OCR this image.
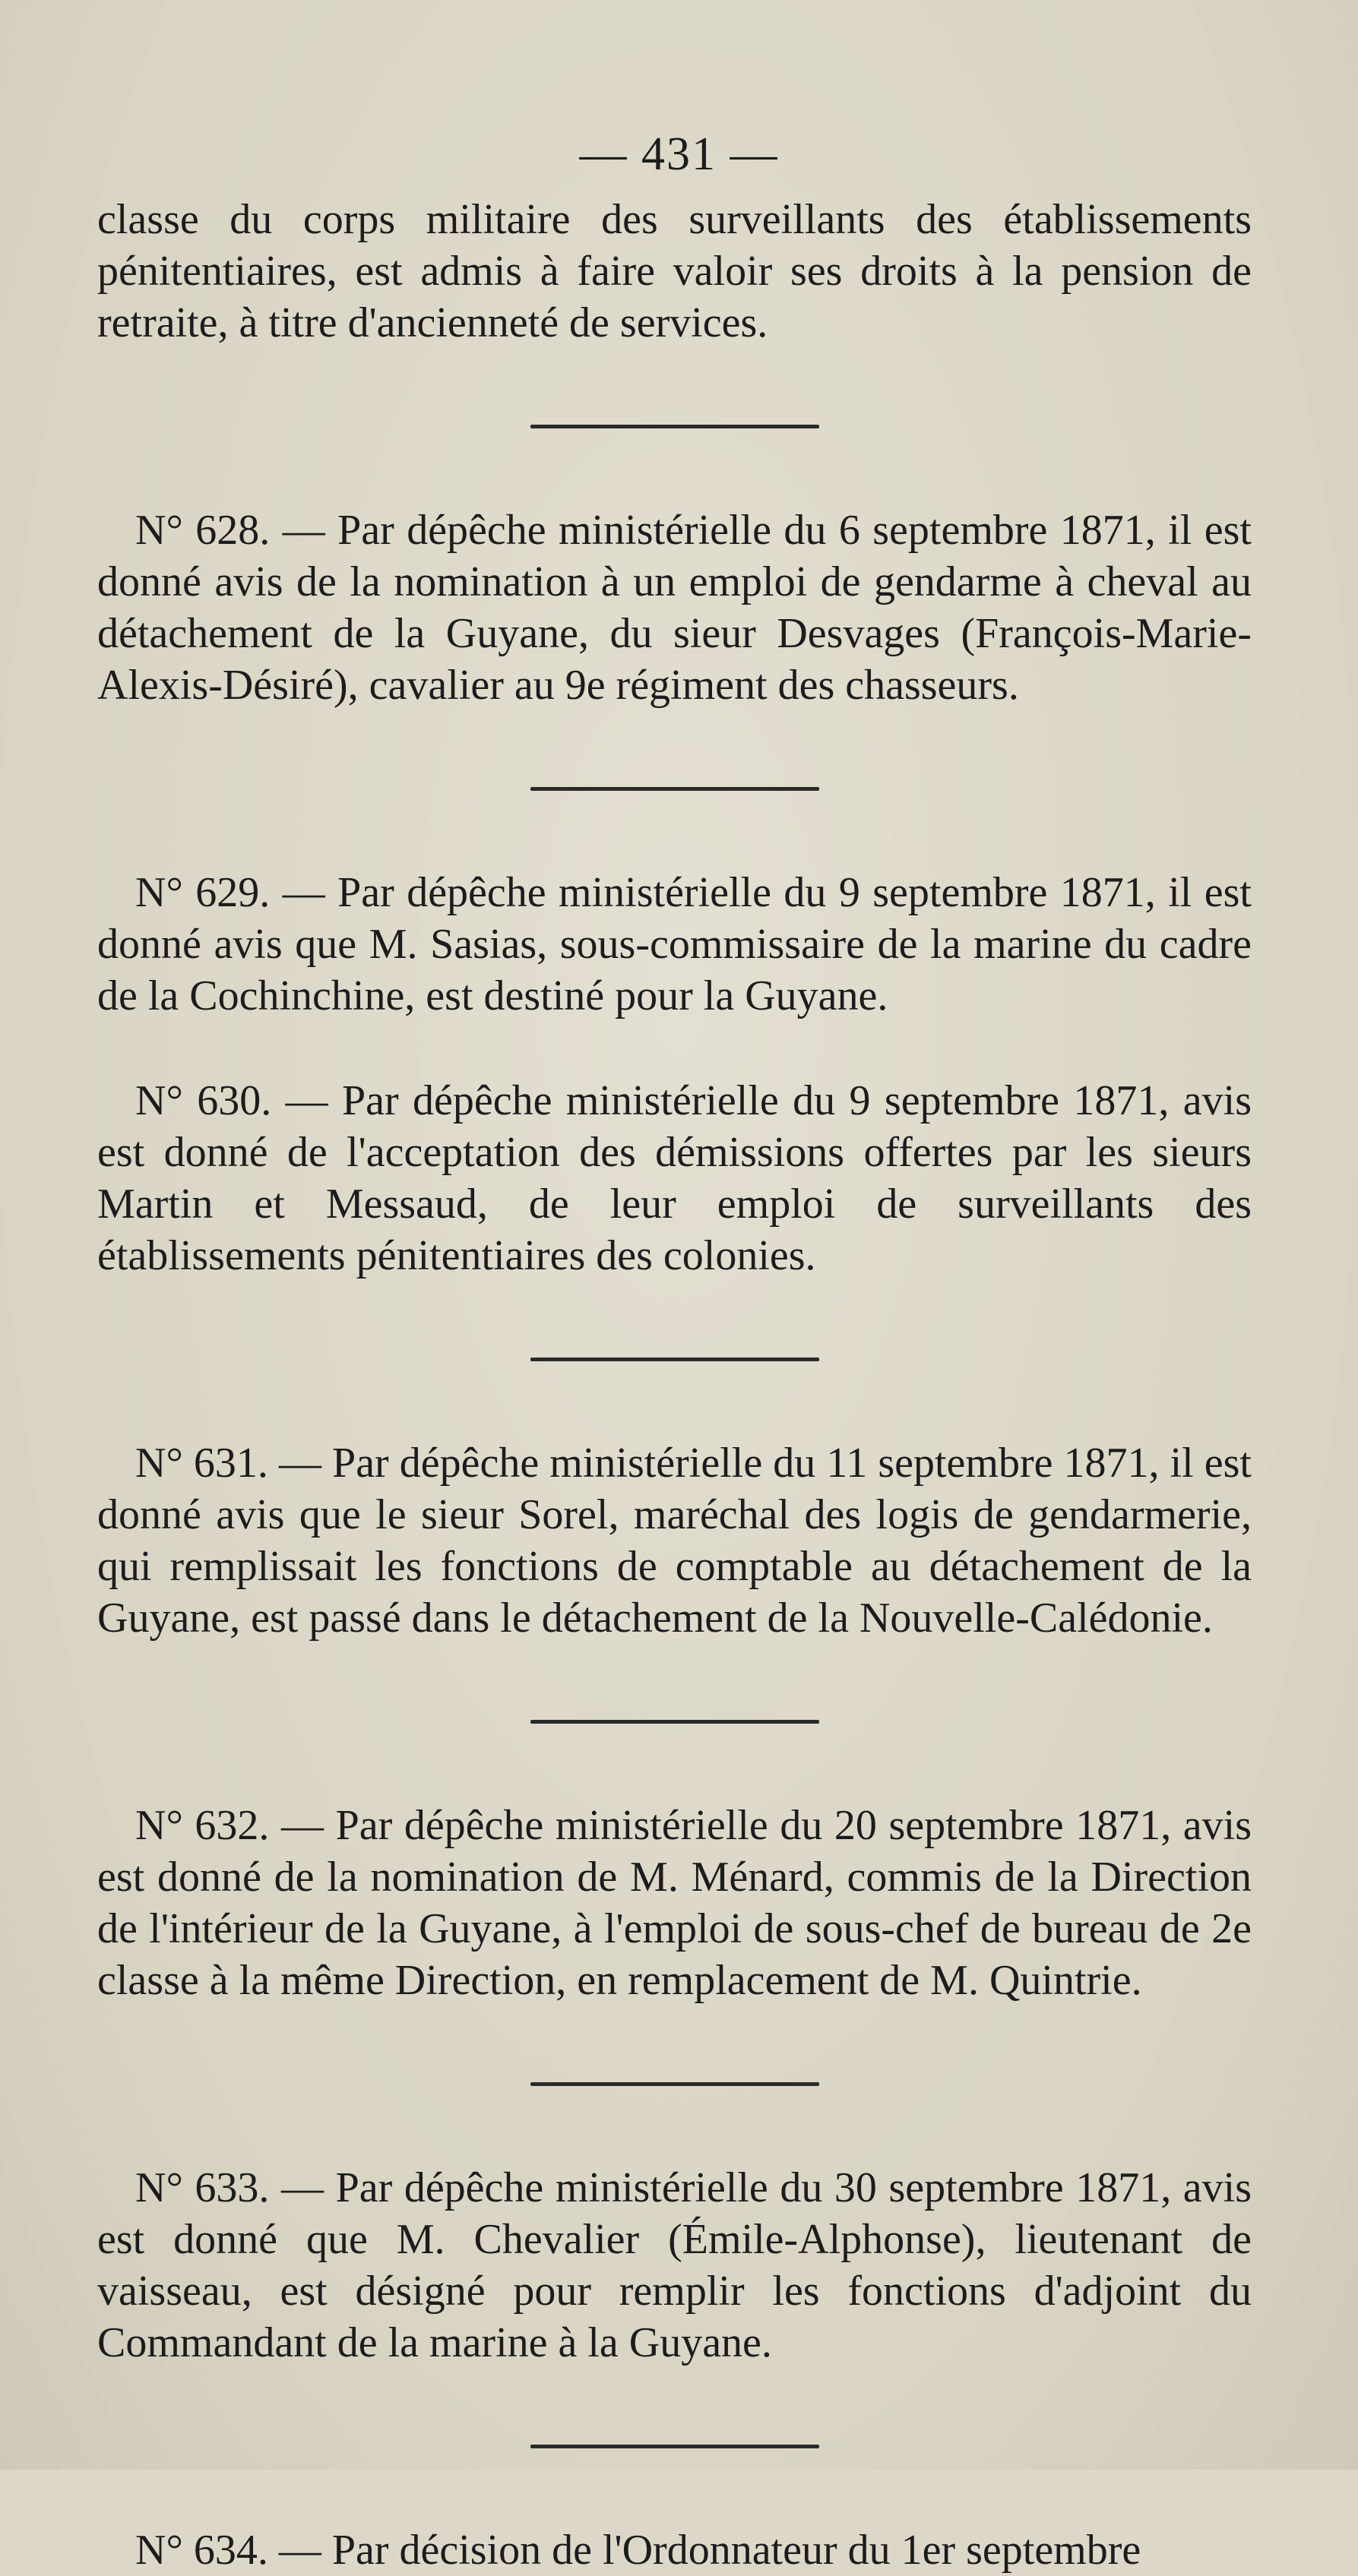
— 431 —

classe du corps militaire des surveillants des établissements pénitentiaires, est admis à faire valoir ses droits à la pension de retraite, à titre d'ancienneté de services.

N° 628. — Par dépêche ministérielle du 6 septembre 1871, il est donné avis de la nomination à un emploi de gendarme à cheval au détachement de la Guyane, du sieur Desvages (François-Marie-Alexis-Désiré), cavalier au 9e régiment des chasseurs.

N° 629. — Par dépêche ministérielle du 9 septembre 1871, il est donné avis que M. Sasias, sous-commissaire de la marine du cadre de la Cochinchine, est destiné pour la Guyane.

N° 630. — Par dépêche ministérielle du 9 septembre 1871, avis est donné de l'acceptation des démissions offertes par les sieurs Martin et Messaud, de leur emploi de surveillants des établissements pénitentiaires des colonies.

N° 631. — Par dépêche ministérielle du 11 septembre 1871, il est donné avis que le sieur Sorel, maréchal des logis de gendarmerie, qui remplissait les fonctions de comptable au détachement de la Guyane, est passé dans le détachement de la Nouvelle-Calédonie.

N° 632. — Par dépêche ministérielle du 20 septembre 1871, avis est donné de la nomination de M. Ménard, commis de la Direction de l'intérieur de la Guyane, à l'emploi de sous-chef de bureau de 2e classe à la même Direction, en remplacement de M. Quintrie.

N° 633. — Par dépêche ministérielle du 30 septembre 1871, avis est donné que M. Chevalier (Émile-Alphonse), lieutenant de vaisseau, est désigné pour remplir les fonctions d'adjoint du Commandant de la marine à la Guyane.

N° 634. — Par décision de l'Ordonnateur du 1er septembre
